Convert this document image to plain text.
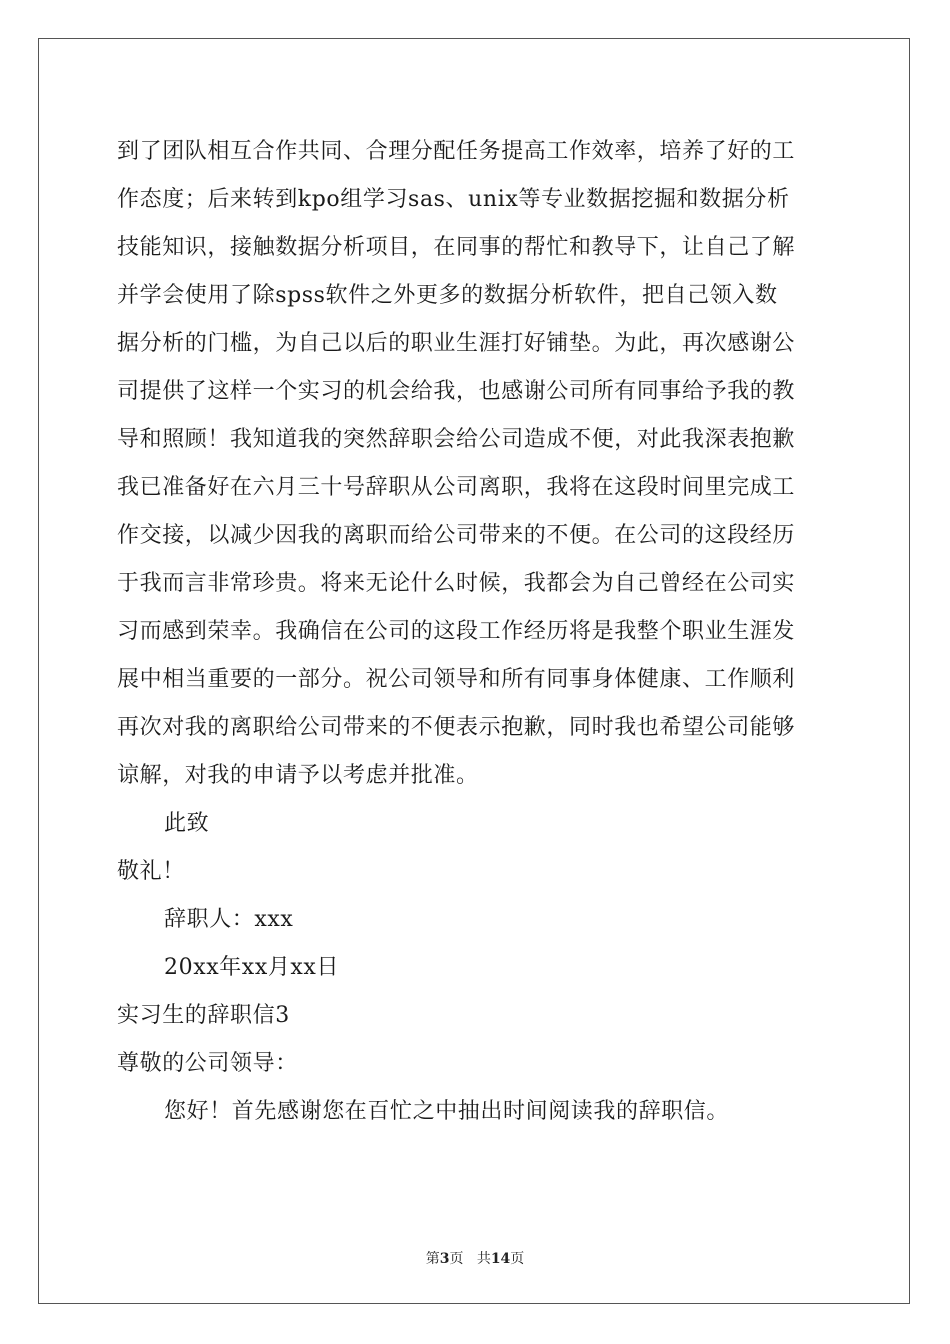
到了团队相互合作共同、合理分配任务提高工作效率，培养了好的工
作态度；后来转到kpo组学习sas、unix等专业数据挖掘和数据分析
技能知识，接触数据分析项目，在同事的帮忙和教导下，让自己了解
并学会使用了除spss软件之外更多的数据分析软件，把自己领入数
据分析的门槛，为自己以后的职业生涯打好铺垫。为此，再次感谢公
司提供了这样一个实习的机会给我，也感谢公司所有同事给予我的教
导和照顾！我知道我的突然辞职会给公司造成不便，对此我深表抱歉
我已准备好在六月三十号辞职从公司离职，我将在这段时间里完成工
作交接，以减少因我的离职而给公司带来的不便。在公司的这段经历
于我而言非常珍贵。将来无论什么时候，我都会为自己曾经在公司实
习而感到荣幸。我确信在公司的这段工作经历将是我整个职业生涯发
展中相当重要的一部分。祝公司领导和所有同事身体健康、工作顺利
再次对我的离职给公司带来的不便表示抱歉，同时我也希望公司能够
谅解，对我的申请予以考虑并批准。
此致
敬礼！
辞职人：xxx
20xx年xx月xx日
实习生的辞职信3
尊敬的公司领导：
您好！首先感谢您在百忙之中抽出时间阅读我的辞职信。
第3页 共14页
